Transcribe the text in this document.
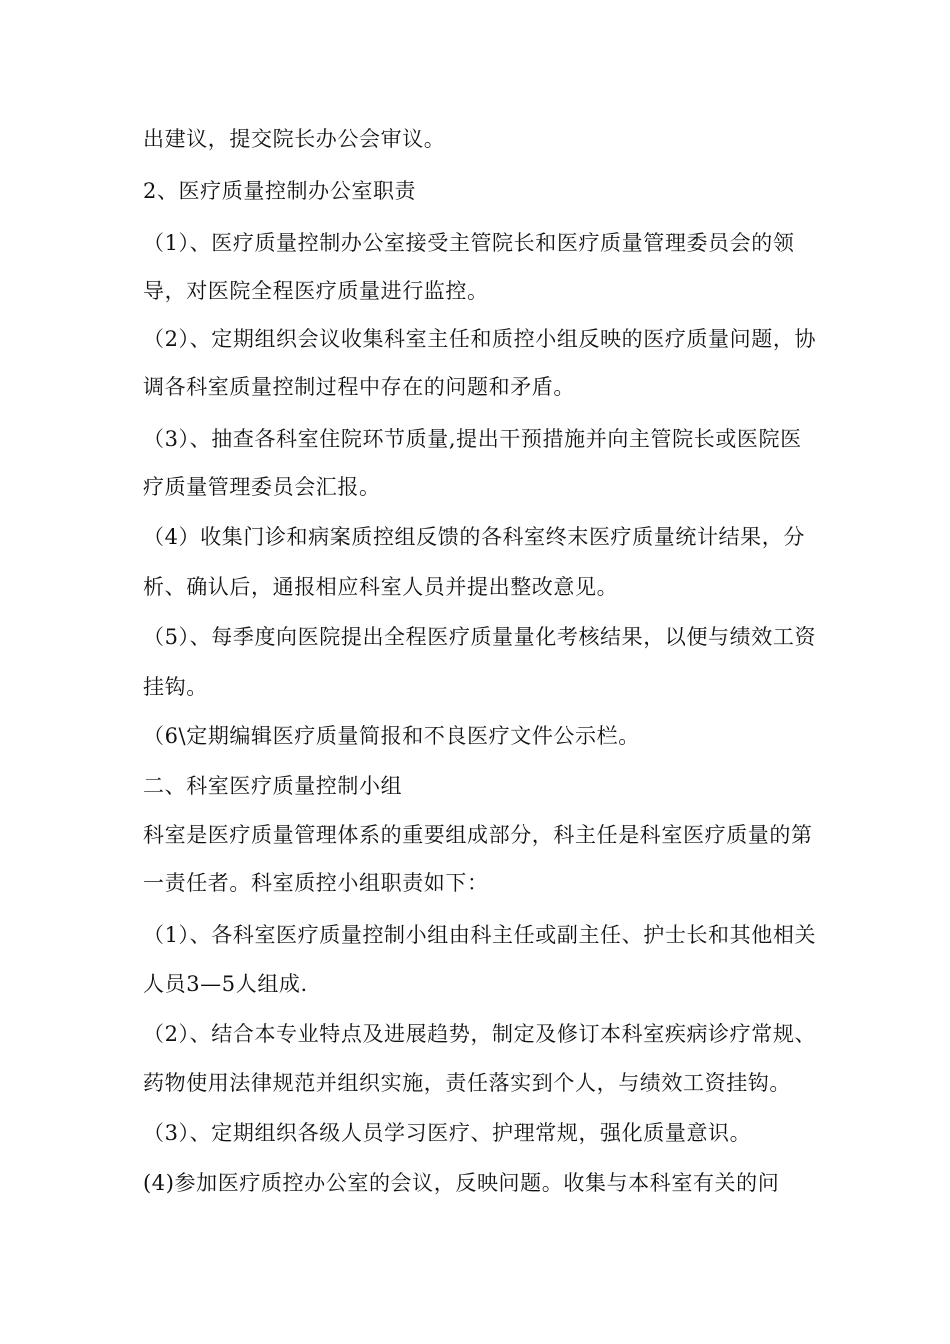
出建议，提交院长办公会审议。
2、医疗质量控制办公室职责
（1）、医疗质量控制办公室接受主管院长和医疗质量管理委员会的领
导，对医院全程医疗质量进行监控。
（2）、定期组织会议收集科室主任和质控小组反映的医疗质量问题，协
调各科室质量控制过程中存在的问题和矛盾。
（3）、抽查各科室住院环节质量,提出干预措施并向主管院长或医院医
疗质量管理委员会汇报。
（4）收集门诊和病案质控组反馈的各科室终末医疗质量统计结果，分
析、确认后，通报相应科室人员并提出整改意见。
（5）、每季度向医院提出全程医疗质量量化考核结果，以便与绩效工资
挂钩。
（6\定期编辑医疗质量简报和不良医疗文件公示栏。
二、科室医疗质量控制小组
科室是医疗质量管理体系的重要组成部分，科主任是科室医疗质量的第
一责任者。科室质控小组职责如下：
（1）、各科室医疗质量控制小组由科主任或副主任、护士长和其他相关
人员3—5人组成.
（2）、结合本专业特点及进展趋势，制定及修订本科室疾病诊疗常规、
药物使用法律规范并组织实施，责任落实到个人，与绩效工资挂钩。
（3）、定期组织各级人员学习医疗、护理常规，强化质量意识。
(4)参加医疗质控办公室的会议，反映问题。收集与本科室有关的问
